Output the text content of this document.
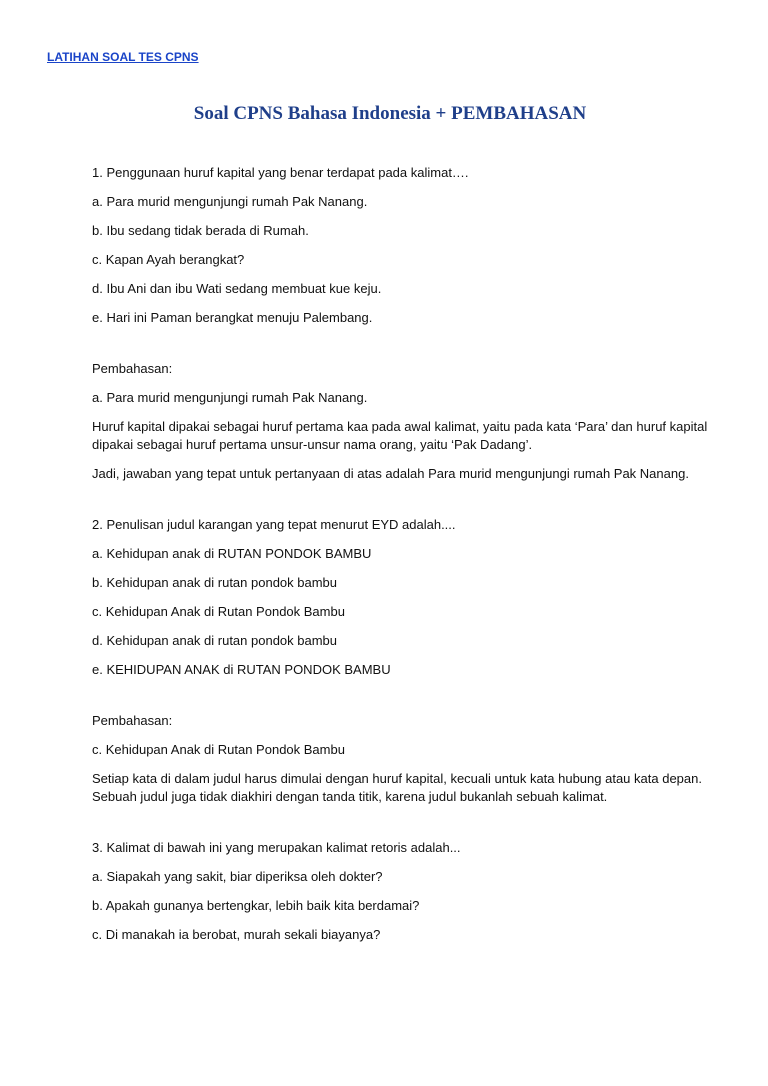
LATIHAN SOAL TES CPNS
Soal CPNS Bahasa Indonesia + PEMBAHASAN

1. Penggunaan huruf kapital yang benar terdapat pada kalimat….

a. Para murid mengunjungi rumah Pak Nanang.

b. Ibu sedang tidak berada di Rumah.

c. Kapan Ayah berangkat?

d. Ibu Ani dan ibu Wati sedang membuat kue keju.

e. Hari ini Paman berangkat menuju Palembang.

Pembahasan:

a. Para murid mengunjungi rumah Pak Nanang.

Huruf kapital dipakai sebagai huruf pertama kaa pada awal kalimat, yaitu pada kata ‘Para’ dan huruf kapital dipakai sebagai huruf pertama unsur-unsur nama orang, yaitu ‘Pak Dadang’.

Jadi, jawaban yang tepat untuk pertanyaan di atas adalah Para murid mengunjungi rumah Pak Nanang.

2. Penulisan judul karangan yang tepat menurut EYD adalah....

a. Kehidupan anak di RUTAN PONDOK BAMBU

b. Kehidupan anak di rutan pondok bambu

c. Kehidupan Anak di Rutan Pondok Bambu

d. Kehidupan anak di rutan pondok bambu

e. KEHIDUPAN ANAK di RUTAN PONDOK BAMBU

Pembahasan:

c. Kehidupan Anak di Rutan Pondok Bambu

Setiap kata di dalam judul harus dimulai dengan huruf kapital, kecuali untuk kata hubung atau kata depan. Sebuah judul juga tidak diakhiri dengan tanda titik, karena judul bukanlah sebuah kalimat.

3. Kalimat di bawah ini yang merupakan kalimat retoris adalah...

a. Siapakah yang sakit, biar diperiksa oleh dokter?

b. Apakah gunanya bertengkar, lebih baik kita berdamai?

c. Di manakah ia berobat, murah sekali biayanya?
